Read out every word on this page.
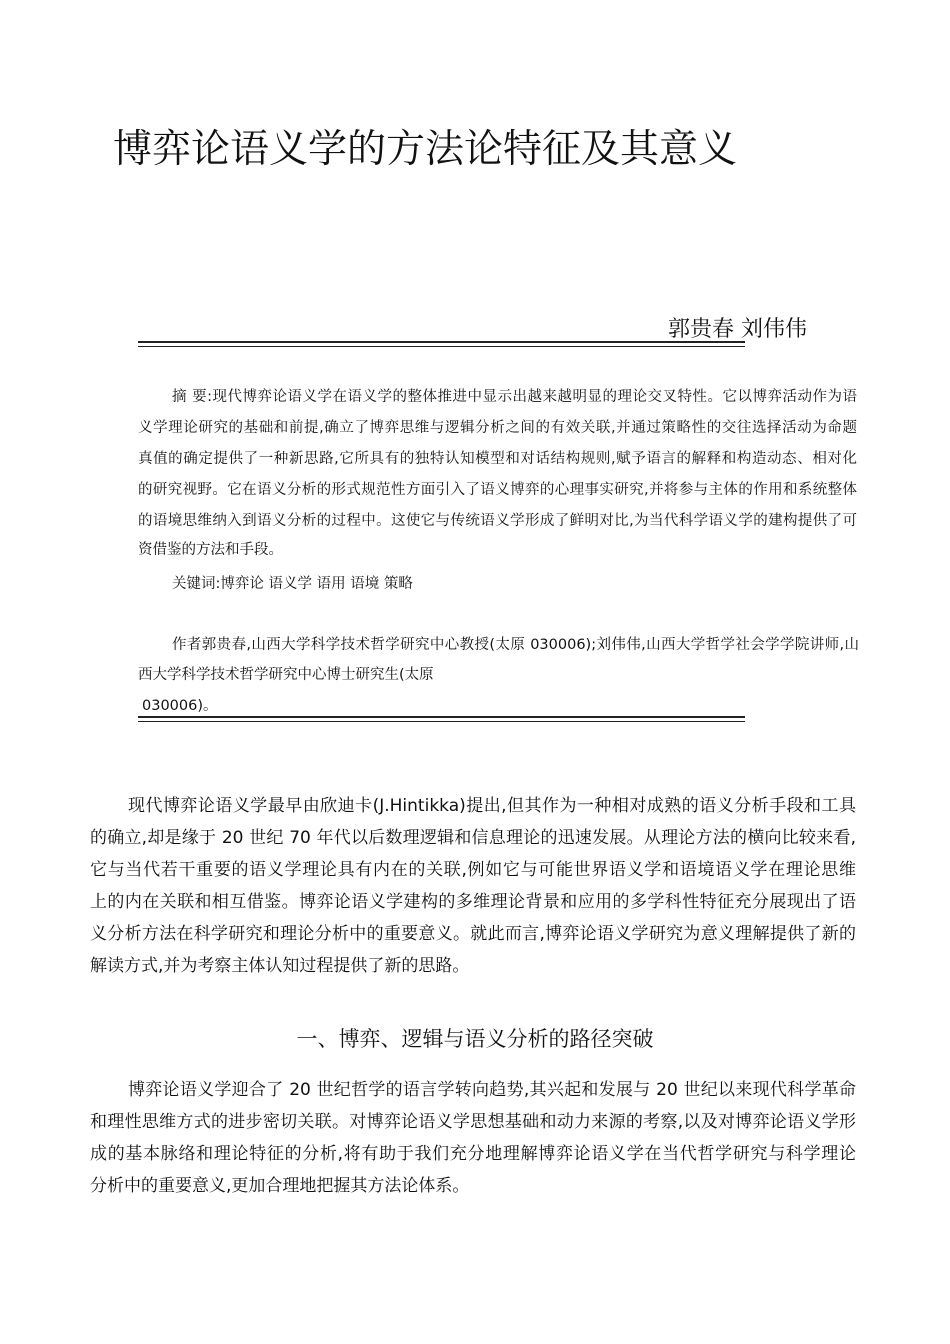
博弈论语义学的方法论特征及其意义
郭贵春 刘伟伟
摘 要:现代博弈论语义学在语义学的整体推进中显示出越来越明显的理论交叉特性。它以博弈活动作为语
义学理论研究的基础和前提,确立了博弈思维与逻辑分析之间的有效关联,并通过策略性的交往选择活动为命题
真值的确定提供了一种新思路,它所具有的独特认知模型和对话结构规则,赋予语言的解释和构造动态、相对化
的研究视野。它在语义分析的形式规范性方面引入了语义博弈的心理事实研究,并将参与主体的作用和系统整体
的语境思维纳入到语义分析的过程中。这使它与传统语义学形成了鲜明对比,为当代科学语义学的建构提供了可
资借鉴的方法和手段。
关键词:博弈论 语义学 语用 语境 策略
作者郭贵春,山西大学科学技术哲学研究中心教授(太原 030006);刘伟伟,山西大学哲学社会学学院讲师,山
西大学科学技术哲学研究中心博士研究生(太原
030006)。
现代博弈论语义学最早由欣迪卡(J.Hintikka)提出,但其作为一种相对成熟的语义分析手段和工具
的确立,却是缘于 20 世纪 70 年代以后数理逻辑和信息理论的迅速发展。从理论方法的横向比较来看,
它与当代若干重要的语义学理论具有内在的关联,例如它与可能世界语义学和语境语义学在理论思维
上的内在关联和相互借鉴。博弈论语义学建构的多维理论背景和应用的多学科性特征充分展现出了语
义分析方法在科学研究和理论分析中的重要意义。就此而言,博弈论语义学研究为意义理解提供了新的
解读方式,并为考察主体认知过程提供了新的思路。
一、博弈、逻辑与语义分析的路径突破
博弈论语义学迎合了 20 世纪哲学的语言学转向趋势,其兴起和发展与 20 世纪以来现代科学革命
和理性思维方式的进步密切关联。对博弈论语义学思想基础和动力来源的考察,以及对博弈论语义学形
成的基本脉络和理论特征的分析,将有助于我们充分地理解博弈论语义学在当代哲学研究与科学理论
分析中的重要意义,更加合理地把握其方法论体系。
